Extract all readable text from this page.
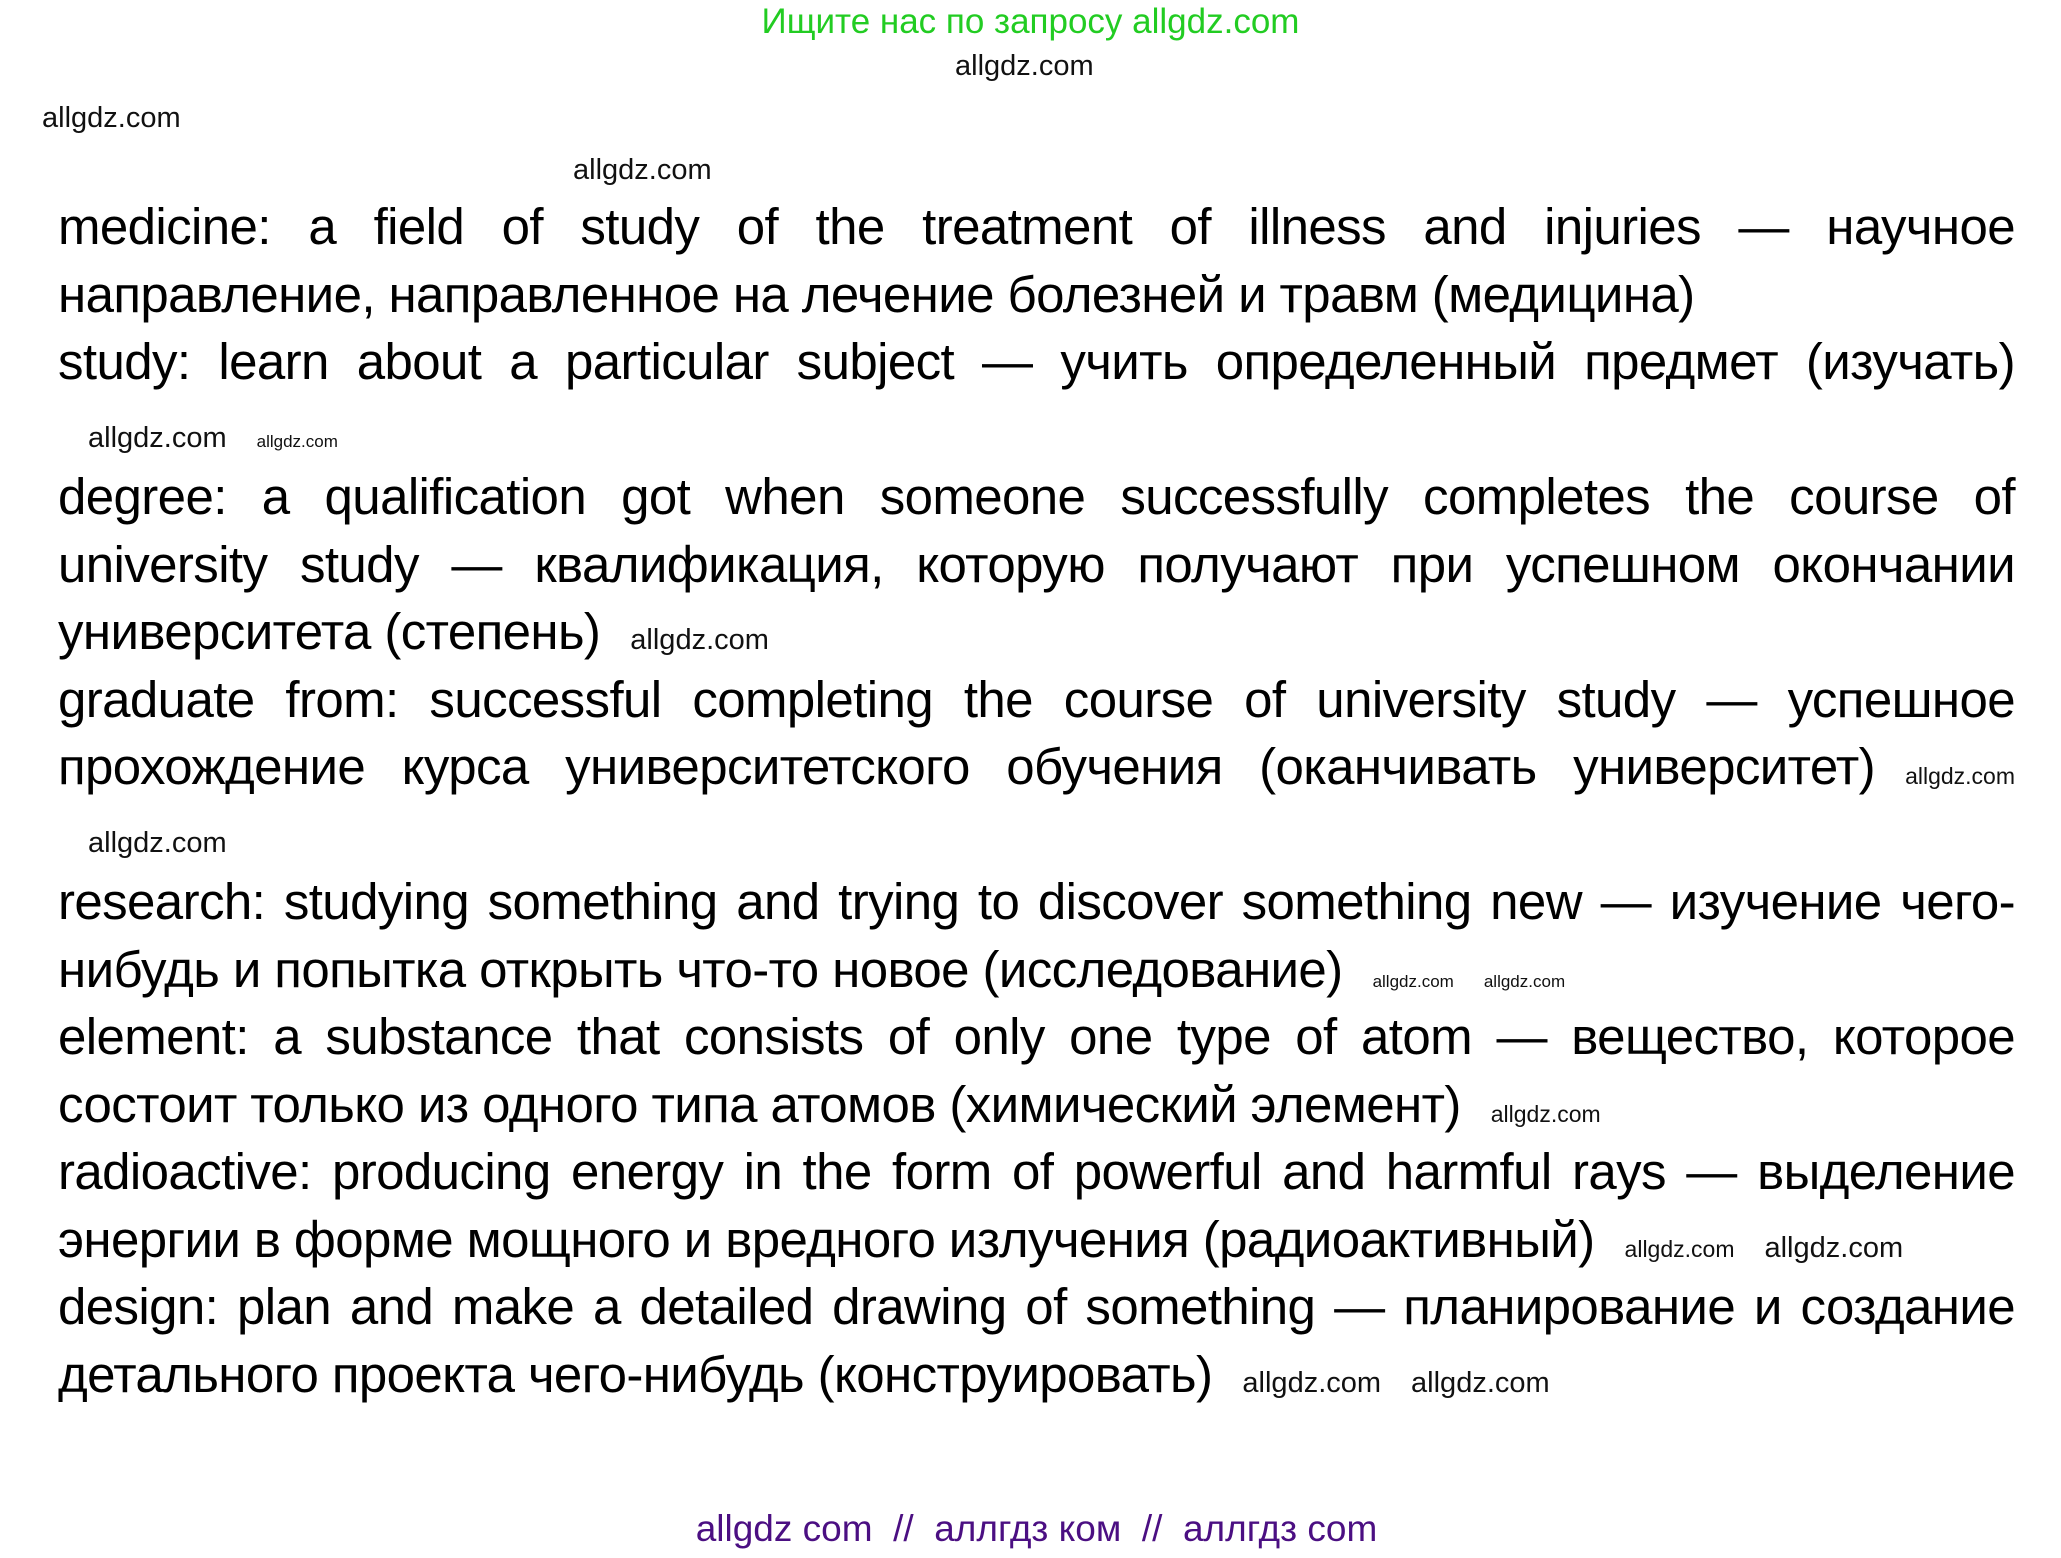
Ищите нас по запросу allgdz.com
allgdz.com
allgdz.com
allgdz.com

medicine: a field of study of the treatment of illness and injuries — научное направление, направленное на лечение болезней и травм (медицина)

study: learn about a particular subject — учить определенный предмет (изучать)allgdz.com allgdz.com

degree: a qualification got when someone successfully completes the course of university study — квалификация, которую получают при успешном окончании университета (степень) allgdz.com

graduate from: successful completing the course of university study — успешное прохождение курса университетского обучения (оканчивать университет) allgdz.comallgdz.com

research: studying something and trying to discover something new — изучение чего-нибудь и попытка открыть что-то новое (исследование) allgdz.com allgdz.com

element: a substance that consists of only one type of atom — вещество, которое состоит только из одного типа атомов (химический элемент) allgdz.com

radioactive: producing energy in the form of powerful and harmful rays — выделение энергии в форме мощного и вредного излучения (радиоактивный) allgdz.com allgdz.com

design: plan and make a detailed drawing of something — планирование и создание детального проекта чего-нибудь (конструировать) allgdz.com allgdz.com

allgdz com  //  аллгдз ком  //  аллгдз com
